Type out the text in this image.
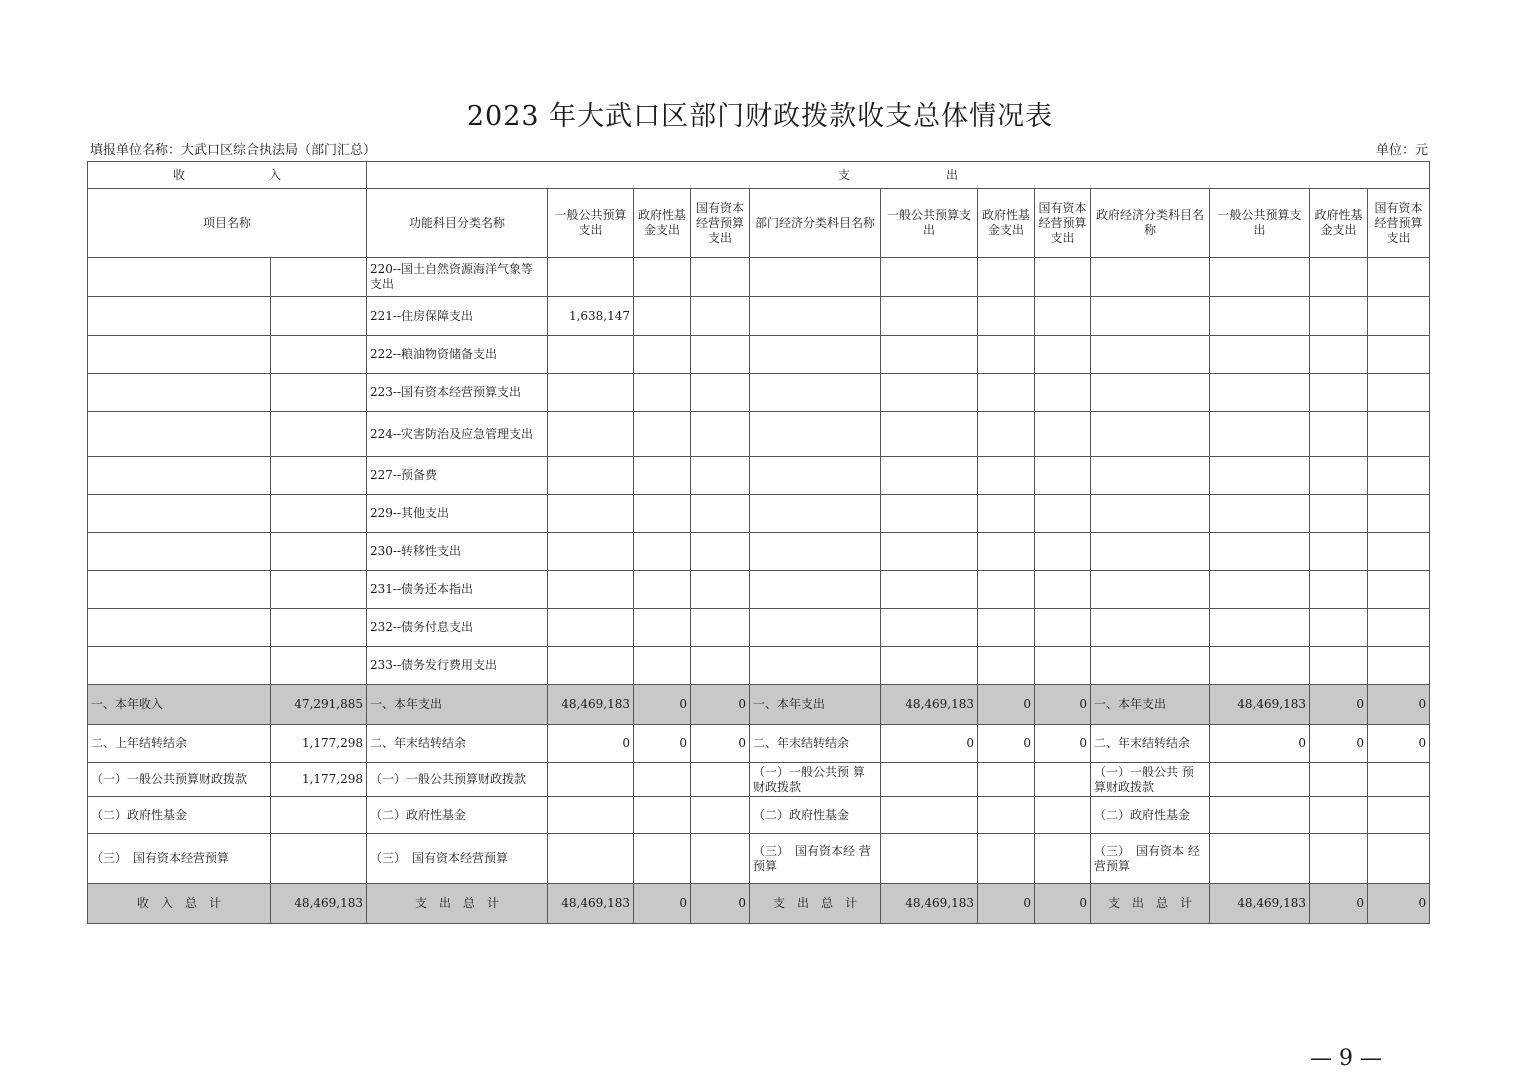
2023 年大武口区部门财政拨款收支总体情况表
填报单位名称：大武口区综合执法局（部门汇总）	单位：元
收　　　　　　　入		支　　　　　　　　出											
项目名称		功能科目分类名称	一般公共预算支出	政府性基金支出	国有资本经营预算支出	部门经济分类科目名称	一般公共预算支出	政府性基金支出	国有资本经营预算支出	政府经济分类科目名称	一般公共预算支出	政府性基金支出	国有资本经营预算支出
		220--国土自然资源海洋气象等 支出											
		221--住房保障支出	1,638,147										
		222--粮油物资储备支出											
		223--国有资本经营预算支出											
		224--灾害防治及应急管理支出											
		227--预备费											
		229--其他支出											
		230--转移性支出											
		231--债务还本指出											
		232--债务付息支出											
		233--债务发行费用支出											
一、本年收入	47,291,885	一、本年支出	48,469,183	0	0	一、本年支出	48,469,183	0	0	一、本年支出	48,469,183	0	0
二、上年结转结余	1,177,298	二、年末结转结余	0	0	0	二、年末结转结余	0	0	0	二、年末结转结余	0	0	0
（一）一般公共预算财政拨款	1,177,298	（一）一般公共预算财政拨款				（一）一般公共预 算 财政拨款				（一）一般公共 预 算财政拨款			
（二）政府性基金		（二）政府性基金				（二）政府性基金				（二）政府性基金			
（三）　国有资本经营预算		（三）　国有资本经营预算				（三）　国有资本经 营 预算				（三）　国有资本 经 营预算			
收　入　总　计	48,469,183	支　出　总　计	48,469,183	0	0	支　出　总　计	48,469,183	0	0	支　出　总　计	48,469,183	0	0
— 9 —
